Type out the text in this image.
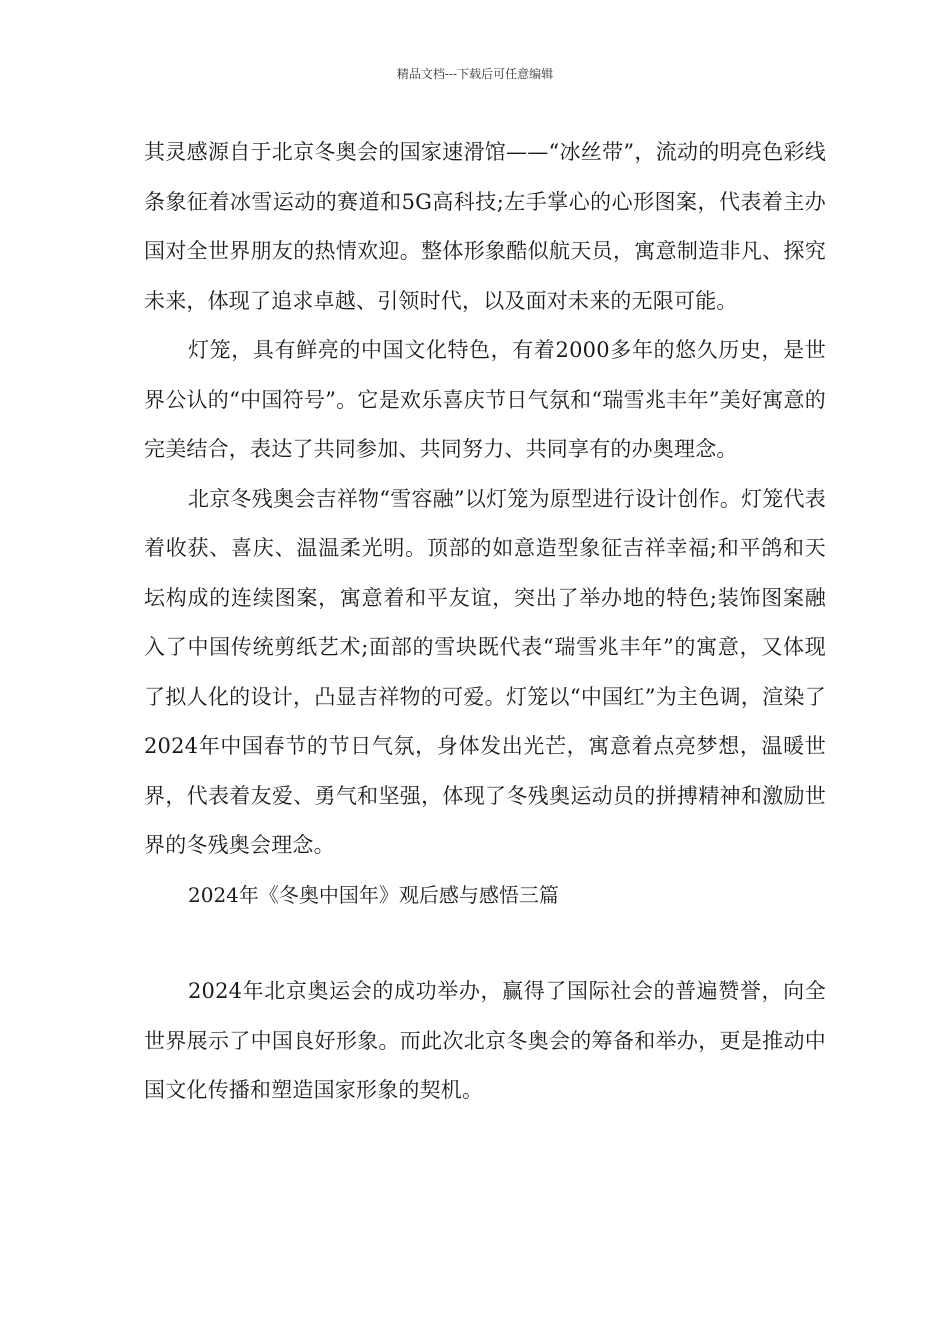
精品文档---下载后可任意编辑

其灵感源自于北京冬奥会的国家速滑馆——“冰丝带”，流动的明亮色彩线条象征着冰雪运动的赛道和5G高科技;左手掌心的心形图案，代表着主办国对全世界朋友的热情欢迎。整体形象酷似航天员，寓意制造非凡、探究未来，体现了追求卓越、引领时代，以及面对未来的无限可能。

灯笼，具有鲜亮的中国文化特色，有着2000多年的悠久历史，是世界公认的“中国符号”。它是欢乐喜庆节日气氛和“瑞雪兆丰年”美好寓意的完美结合，表达了共同参加、共同努力、共同享有的办奥理念。

北京冬残奥会吉祥物“雪容融”以灯笼为原型进行设计创作。灯笼代表着收获、喜庆、温温柔光明。顶部的如意造型象征吉祥幸福;和平鸽和天坛构成的连续图案，寓意着和平友谊，突出了举办地的特色;装饰图案融入了中国传统剪纸艺术;面部的雪块既代表“瑞雪兆丰年”的寓意，又体现了拟人化的设计，凸显吉祥物的可爱。灯笼以“中国红”为主色调，渲染了2024年中国春节的节日气氛，身体发出光芒，寓意着点亮梦想，温暖世界，代表着友爱、勇气和坚强，体现了冬残奥运动员的拼搏精神和激励世界的冬残奥会理念。

2024年《冬奥中国年》观后感与感悟三篇

2024年北京奥运会的成功举办，赢得了国际社会的普遍赞誉，向全世界展示了中国良好形象。而此次北京冬奥会的筹备和举办，更是推动中国文化传播和塑造国家形象的契机。
